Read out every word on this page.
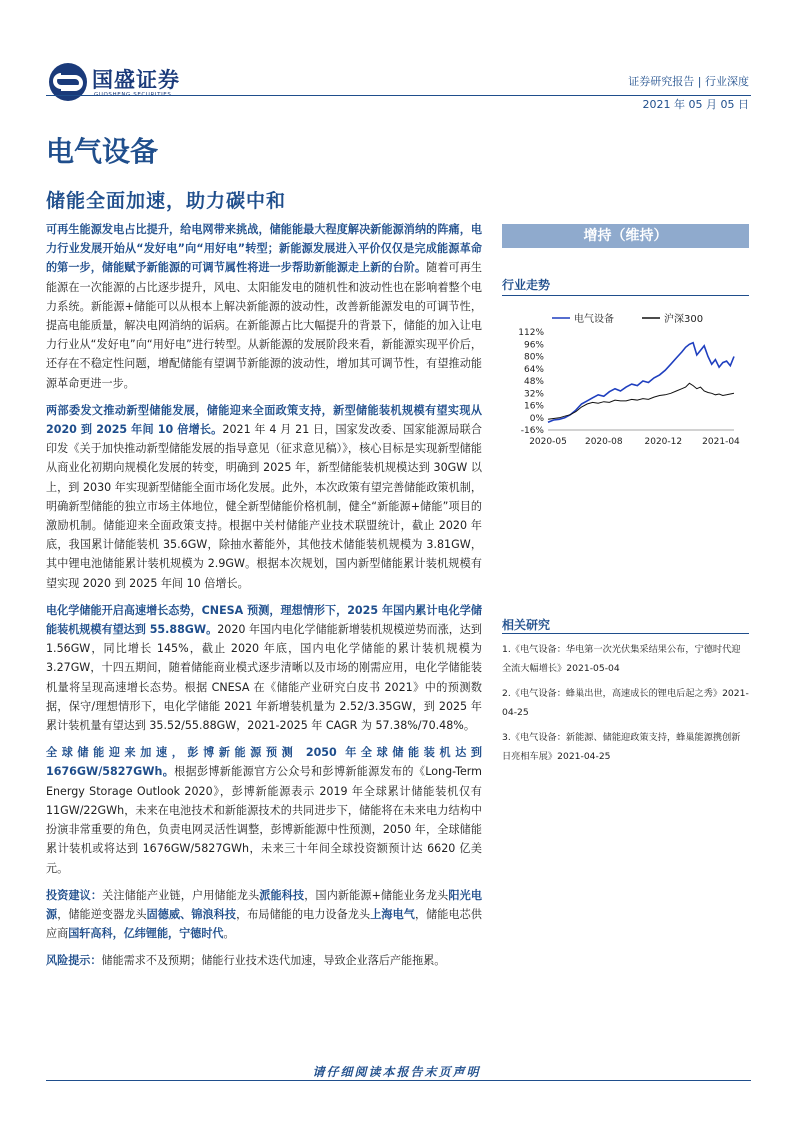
国盛证券	证券研究报告 | 行业深度
2021 年 05 月 05 日
电气设备
储能全面加速，助力碳中和

可再生能源发电占比提升，给电网带来挑战，储能能最大程度解决新能源消纳的阵痛，电力行业发展开始从“发好电”向“用好电”转型；新能源发展进入平价仅仅是完成能源革命的第一步，储能赋予新能源的可调节属性将进一步帮助新能源走上新的台阶。随着可再生能源在一次能源的占比逐步提升，风电、太阳能发电的随机性和波动性也在影响着整个电力系统。新能源+储能可以从根本上解决新能源的波动性，改善新能源发电的可调节性，提高电能质量，解决电网消纳的诟病。在新能源占比大幅提升的背景下，储能的加入让电力行业从“发好电”向“用好电”进行转型。从新能源的发展阶段来看，新能源实现平价后，还存在不稳定性问题，增配储能有望调节新能源的波动性，增加其可调节性，有望推动能源革命更进一步。

两部委发文推动新型储能发展，储能迎来全面政策支持，新型储能装机规模有望实现从 2020 到 2025 年间 10 倍增长。2021 年 4 月 21 日，国家发改委、国家能源局联合印发《关于加快推动新型储能发展的指导意见（征求意见稿）》，核心目标是实现新型储能从商业化初期向规模化发展的转变，明确到 2025 年，新型储能装机规模达到 30GW 以上，到 2030 年实现新型储能全面市场化发展。此外，本次政策有望完善储能政策机制，明确新型储能的独立市场主体地位，健全新型储能价格机制，健全“新能源+储能”项目的激励机制。储能迎来全面政策支持。根据中关村储能产业技术联盟统计，截止 2020 年底，我国累计储能装机 35.6GW，除抽水蓄能外，其他技术储能装机规模为 3.81GW，其中锂电池储能累计装机规模为 2.9GW。根据本次规划，国内新型储能累计装机规模有望实现 2020 到 2025 年间 10 倍增长。

电化学储能开启高速增长态势，CNESA 预测，理想情形下，2025 年国内累计电化学储能装机规模有望达到 55.88GW。2020 年国内电化学储能新增装机规模逆势而涨，达到 1.56GW，同比增长 145%，截止 2020 年底，国内电化学储能的累计装机规模为 3.27GW，十四五期间，随着储能商业模式逐步清晰以及市场的刚需应用，电化学储能装机量将呈现高速增长态势。根据 CNESA 在《储能产业研究白皮书 2021》中的预测数据，保守/理想情形下，电化学储能 2021 年新增装机量为 2.52/3.35GW，到 2025 年累计装机量有望达到 35.52/55.88GW，2021-2025 年 CAGR 为 57.38%/70.48%。

全球储能迎来加速，彭博新能源预测 2050 年全球储能装机达到 1676GW/5827GWh。根据彭博新能源官方公众号和彭博新能源发布的《Long-Term Energy Storage Outlook 2020》，彭博新能源表示 2019 年全球累计储能装机仅有 11GW/22GWh，未来在电池技术和新能源技术的共同进步下，储能将在未来电力结构中扮演非常重要的角色，负责电网灵活性调整，彭博新能源中性预测，2050 年，全球储能累计装机或将达到 1676GW/5827GWh，未来三十年间全球投资额预计达 6620 亿美元。

投资建议：关注储能产业链，户用储能龙头派能科技，国内新能源+储能业务龙头阳光电源，储能逆变器龙头固德威、锦浪科技，布局储能的电力设备龙头上海电气，储能电芯供应商国轩高科，亿纬锂能，宁德时代。

风险提示：储能需求不及预期；储能行业技术迭代加速，导致企业落后产能拖累。

增持（维持）
行业走势
电气设备	沪深300
112%
96%
80%
64%
48%
32%
16%
0%
-16%
2020-05 2020-08 2020-12 2021-04
相关研究

1.《电气设备：华电第一次光伏集采结果公布，宁德时代迎全流大幅增长》2021-05-04

2.《电气设备：蜂巢出世，高速成长的锂电后起之秀》2021-04-25

3.《电气设备：新能源、储能迎政策支持，蜂巢能源携创新日亮相车展》2021-04-25

请仔细阅读本报告末页声明
